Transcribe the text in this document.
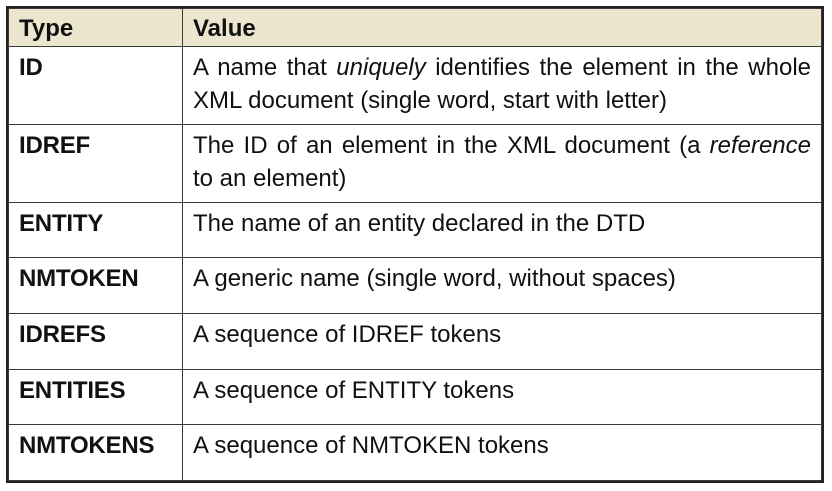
Type	Value
ID	A name that uniquely identifies the element in the whole XML document (single word, start with letter)
IDREF	The ID of an element in the XML document (a reference to an element)
ENTITY	The name of an entity declared in the DTD
NMTOKEN	A generic name (single word, without spaces)
IDREFS	A sequence of IDREF tokens
ENTITIES	A sequence of ENTITY tokens
NMTOKENS	A sequence of NMTOKEN tokens
